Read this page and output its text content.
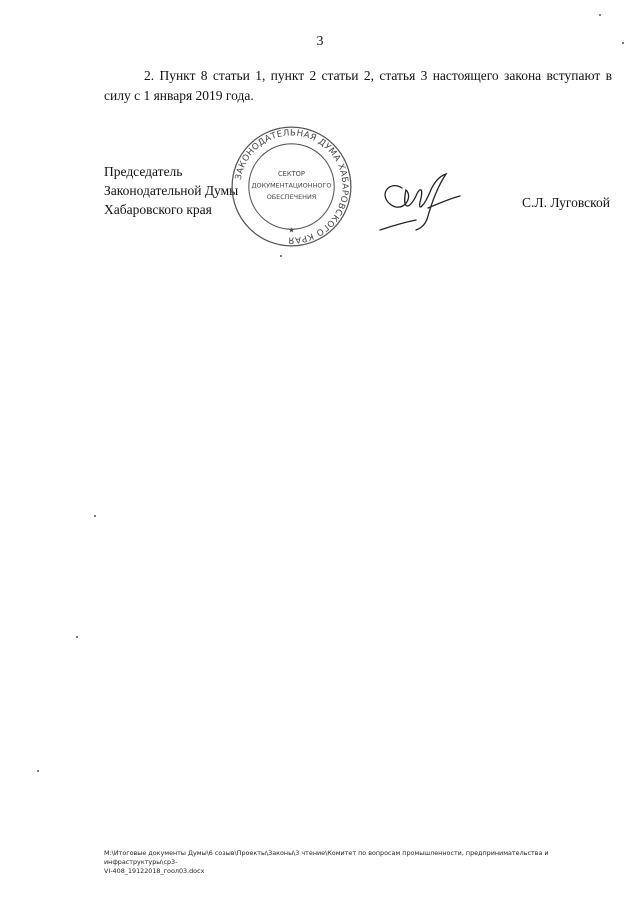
3

2. Пункт 8 статьи 1, пункт 2 статьи 2, статья 3 настоящего закона вступают в силу с 1 января 2019 года.

Председатель
Законодательной Думы
Хабаровского края
ЗАКОНОДАТЕЛЬНАЯ ДУМА ХАБАРОВСКОГО КРАЯ
СЕКТОР
ДОКУМЕНТАЦИОННОГО
ОБЕСПЕЧЕНИЯ
★
С.Л. Луговской
M:\Итоговые документы Думы\6 созыв\Проекты\Законы\3 чтение\Комитет по вопросам промышленности, предпринимательства и инфраструктуры\ср3-
VI-408_19122018_гоол03.docx
